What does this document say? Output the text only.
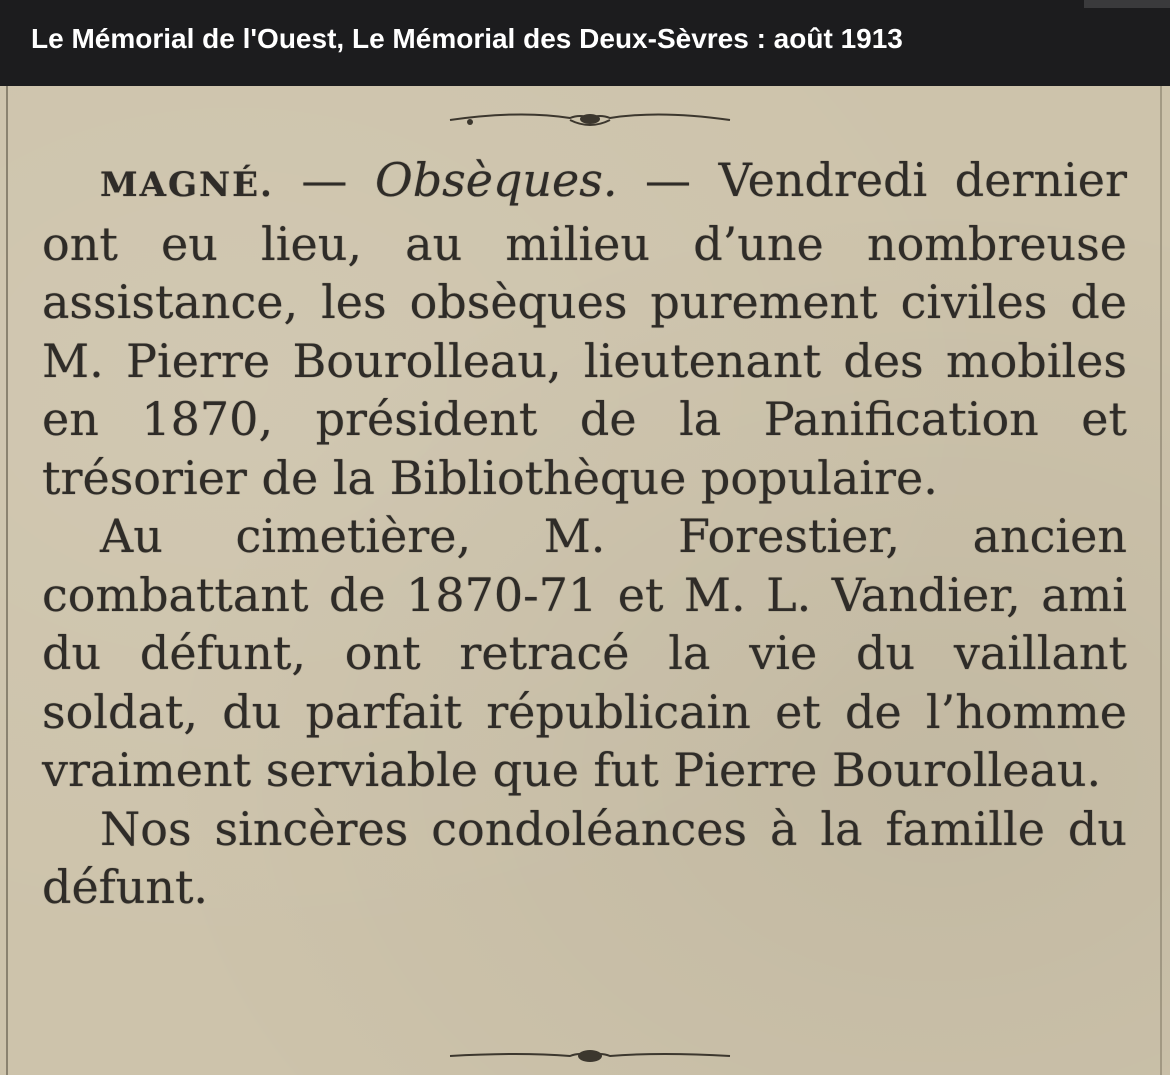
Le Mémorial de l'Ouest, Le Mémorial des Deux-Sèvres : août 1913

MAGNÉ. — Obsèques. — Vendredi dernier ont eu lieu, au milieu d’une nombreuse assistance, les obsèques purement civiles de M. Pierre Bourolleau, lieutenant des mobiles en 1870, président de la Panification et trésorier de la Bibliothèque populaire.

Au cimetière, M. Forestier, ancien combattant de 1870-71 et M. L. Vandier, ami du défunt, ont retracé la vie du vaillant soldat, du parfait républicain et de l’homme vraiment serviable que fut Pierre Bourolleau.

Nos sincères condoléances à la famille du défunt.
